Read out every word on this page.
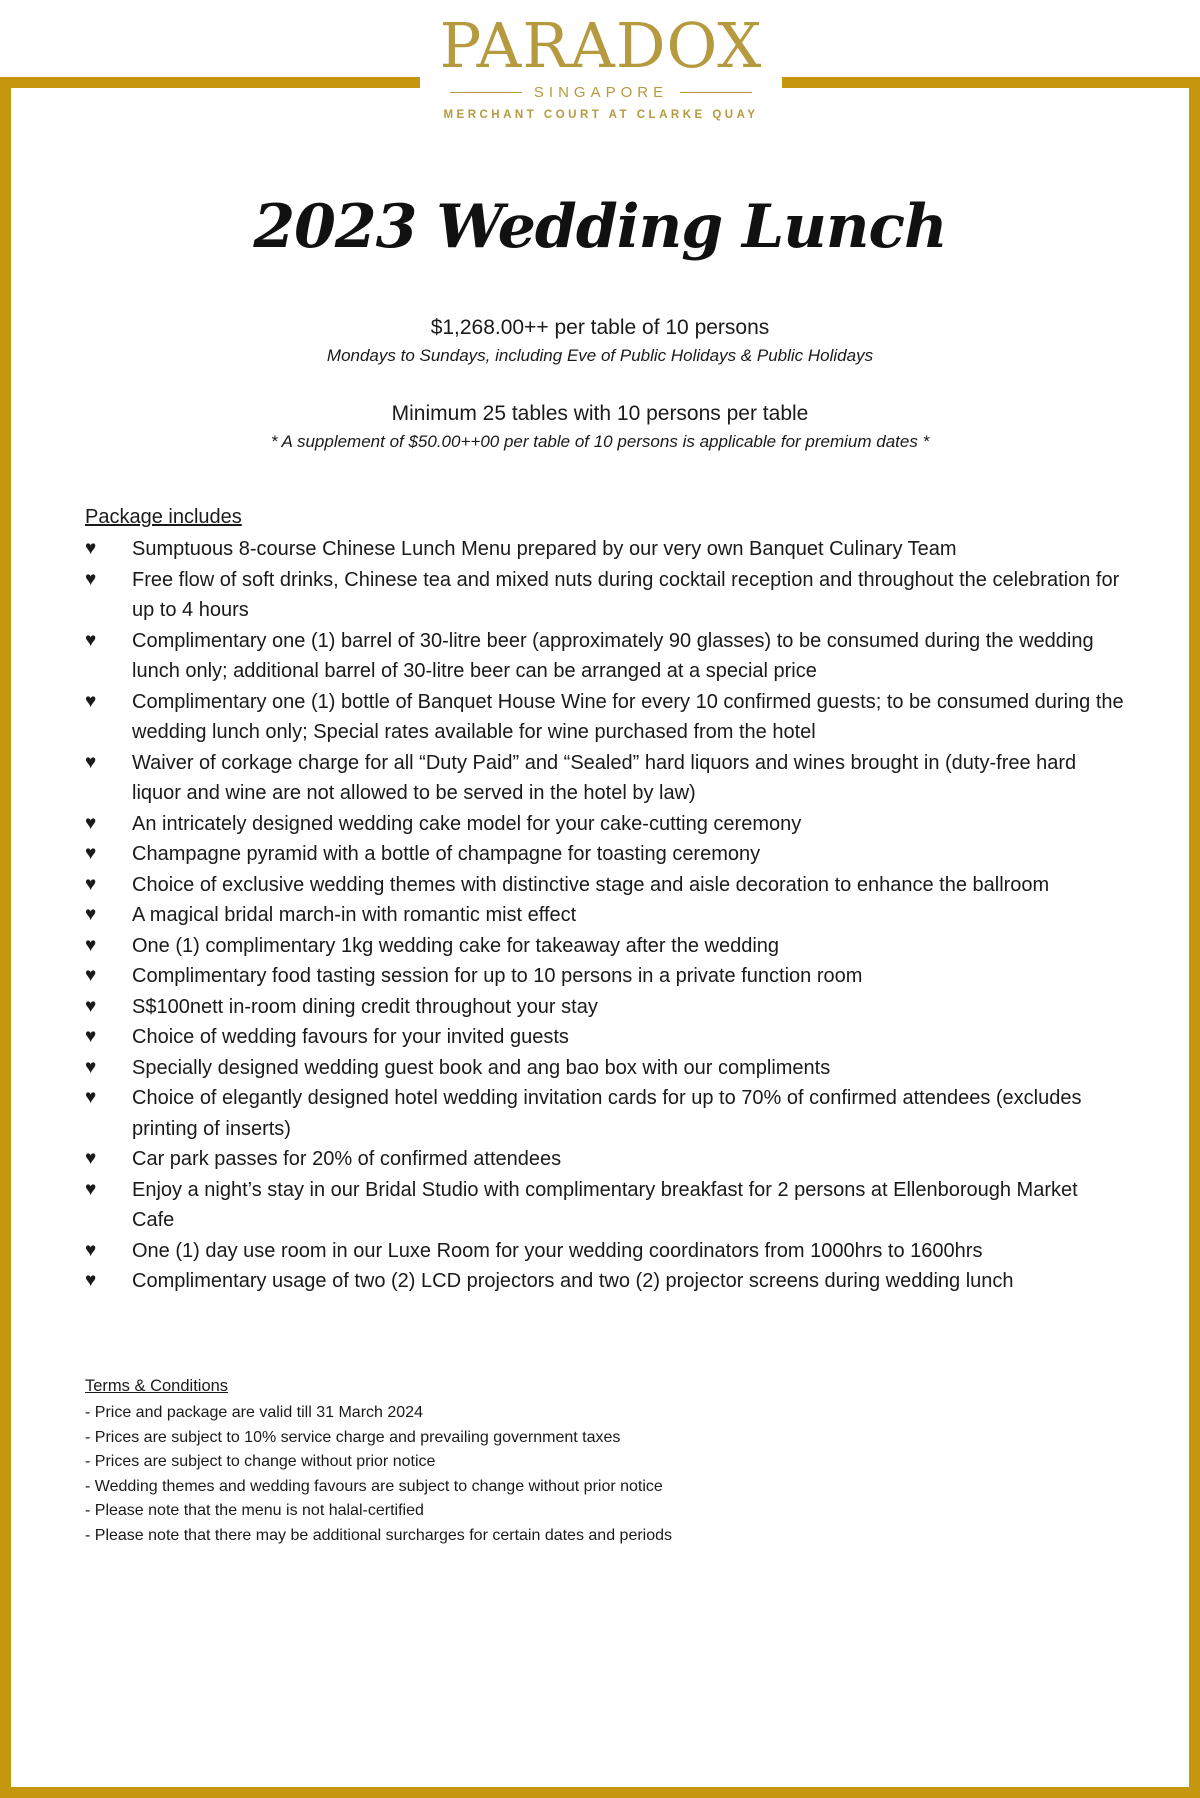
PARADOX
SINGAPORE
MERCHANT COURT AT CLARKE QUAY
2023 Wedding Lunch
$1,268.00++ per table of 10 persons
Mondays to Sundays, including Eve of Public Holidays & Public Holidays
Minimum 25 tables with 10 persons per table
* A supplement of $50.00++00 per table of 10 persons is applicable for premium dates *
Package includes
♥	Sumptuous 8-course Chinese Lunch Menu prepared by our very own Banquet Culinary Team
♥	Free flow of soft drinks, Chinese tea and mixed nuts during cocktail reception and throughout the celebration for up to 4 hours
♥	Complimentary one (1) barrel of 30-litre beer (approximately 90 glasses) to be consumed during the wedding lunch only; additional barrel of 30-litre beer can be arranged at a special price
♥	Complimentary one (1) bottle of Banquet House Wine for every 10 confirmed guests; to be consumed during the wedding lunch only; Special rates available for wine purchased from the hotel
♥	Waiver of corkage charge for all “Duty Paid” and “Sealed” hard liquors and wines brought in (duty-free hard liquor and wine are not allowed to be served in the hotel by law)
♥	An intricately designed wedding cake model for your cake-cutting ceremony
♥	Champagne pyramid with a bottle of champagne for toasting ceremony
♥	Choice of exclusive wedding themes with distinctive stage and aisle decoration to enhance the ballroom
♥	A magical bridal march-in with romantic mist effect
♥	One (1) complimentary 1kg wedding cake for takeaway after the wedding
♥	Complimentary food tasting session for up to 10 persons in a private function room
♥	S$100nett in-room dining credit throughout your stay
♥	Choice of wedding favours for your invited guests
♥	Specially designed wedding guest book and ang bao box with our compliments
♥	Choice of elegantly designed hotel wedding invitation cards for up to 70% of confirmed attendees (excludes printing of inserts)
♥	Car park passes for 20% of confirmed attendees
♥	Enjoy a night’s stay in our Bridal Studio with complimentary breakfast for 2 persons at Ellenborough Market Cafe
♥	One (1) day use room in our Luxe Room for your wedding coordinators from 1000hrs to 1600hrs
♥	Complimentary usage of two (2) LCD projectors and two (2) projector screens during wedding lunch
Terms & Conditions
- Price and package are valid till 31 March 2024
- Prices are subject to 10% service charge and prevailing government taxes
- Prices are subject to change without prior notice
- Wedding themes and wedding favours are subject to change without prior notice
- Please note that the menu is not halal-certified
- Please note that there may be additional surcharges for certain dates and periods
